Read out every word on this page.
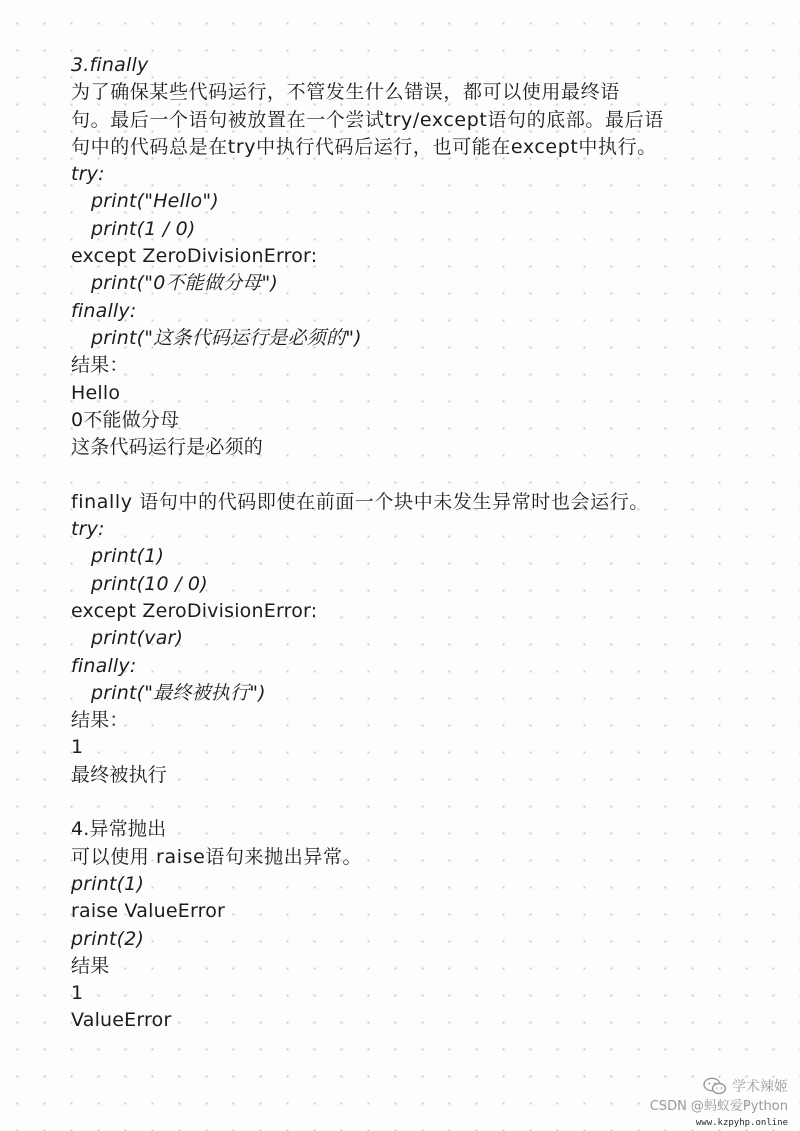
3.finally
为了确保某些代码运行，不管发生什么错误，都可以使用最终语
句。最后一个语句被放置在一个尝试try/except语句的底部。最后语
句中的代码总是在try中执行代码后运行，也可能在except中执行。
try:
print("Hello")
print(1 / 0)
except ZeroDivisionError:
print("0不能做分母")
finally:
print("这条代码运行是必须的")
结果：
Hello
0不能做分母
这条代码运行是必须的
finally 语句中的代码即使在前面一个块中未发生异常时也会运行。
try:
print(1)
print(10 / 0)
except ZeroDivisionError:
print(var)
finally:
print("最终被执行")
结果：
1
最终被执行
4.异常抛出
可以使用 raise语句来抛出异常。
print(1)
raise ValueError
print(2)
结果
1
ValueError
学术辣姬
CSDN @蚂蚁爱Python
www.kzpyhp.online
